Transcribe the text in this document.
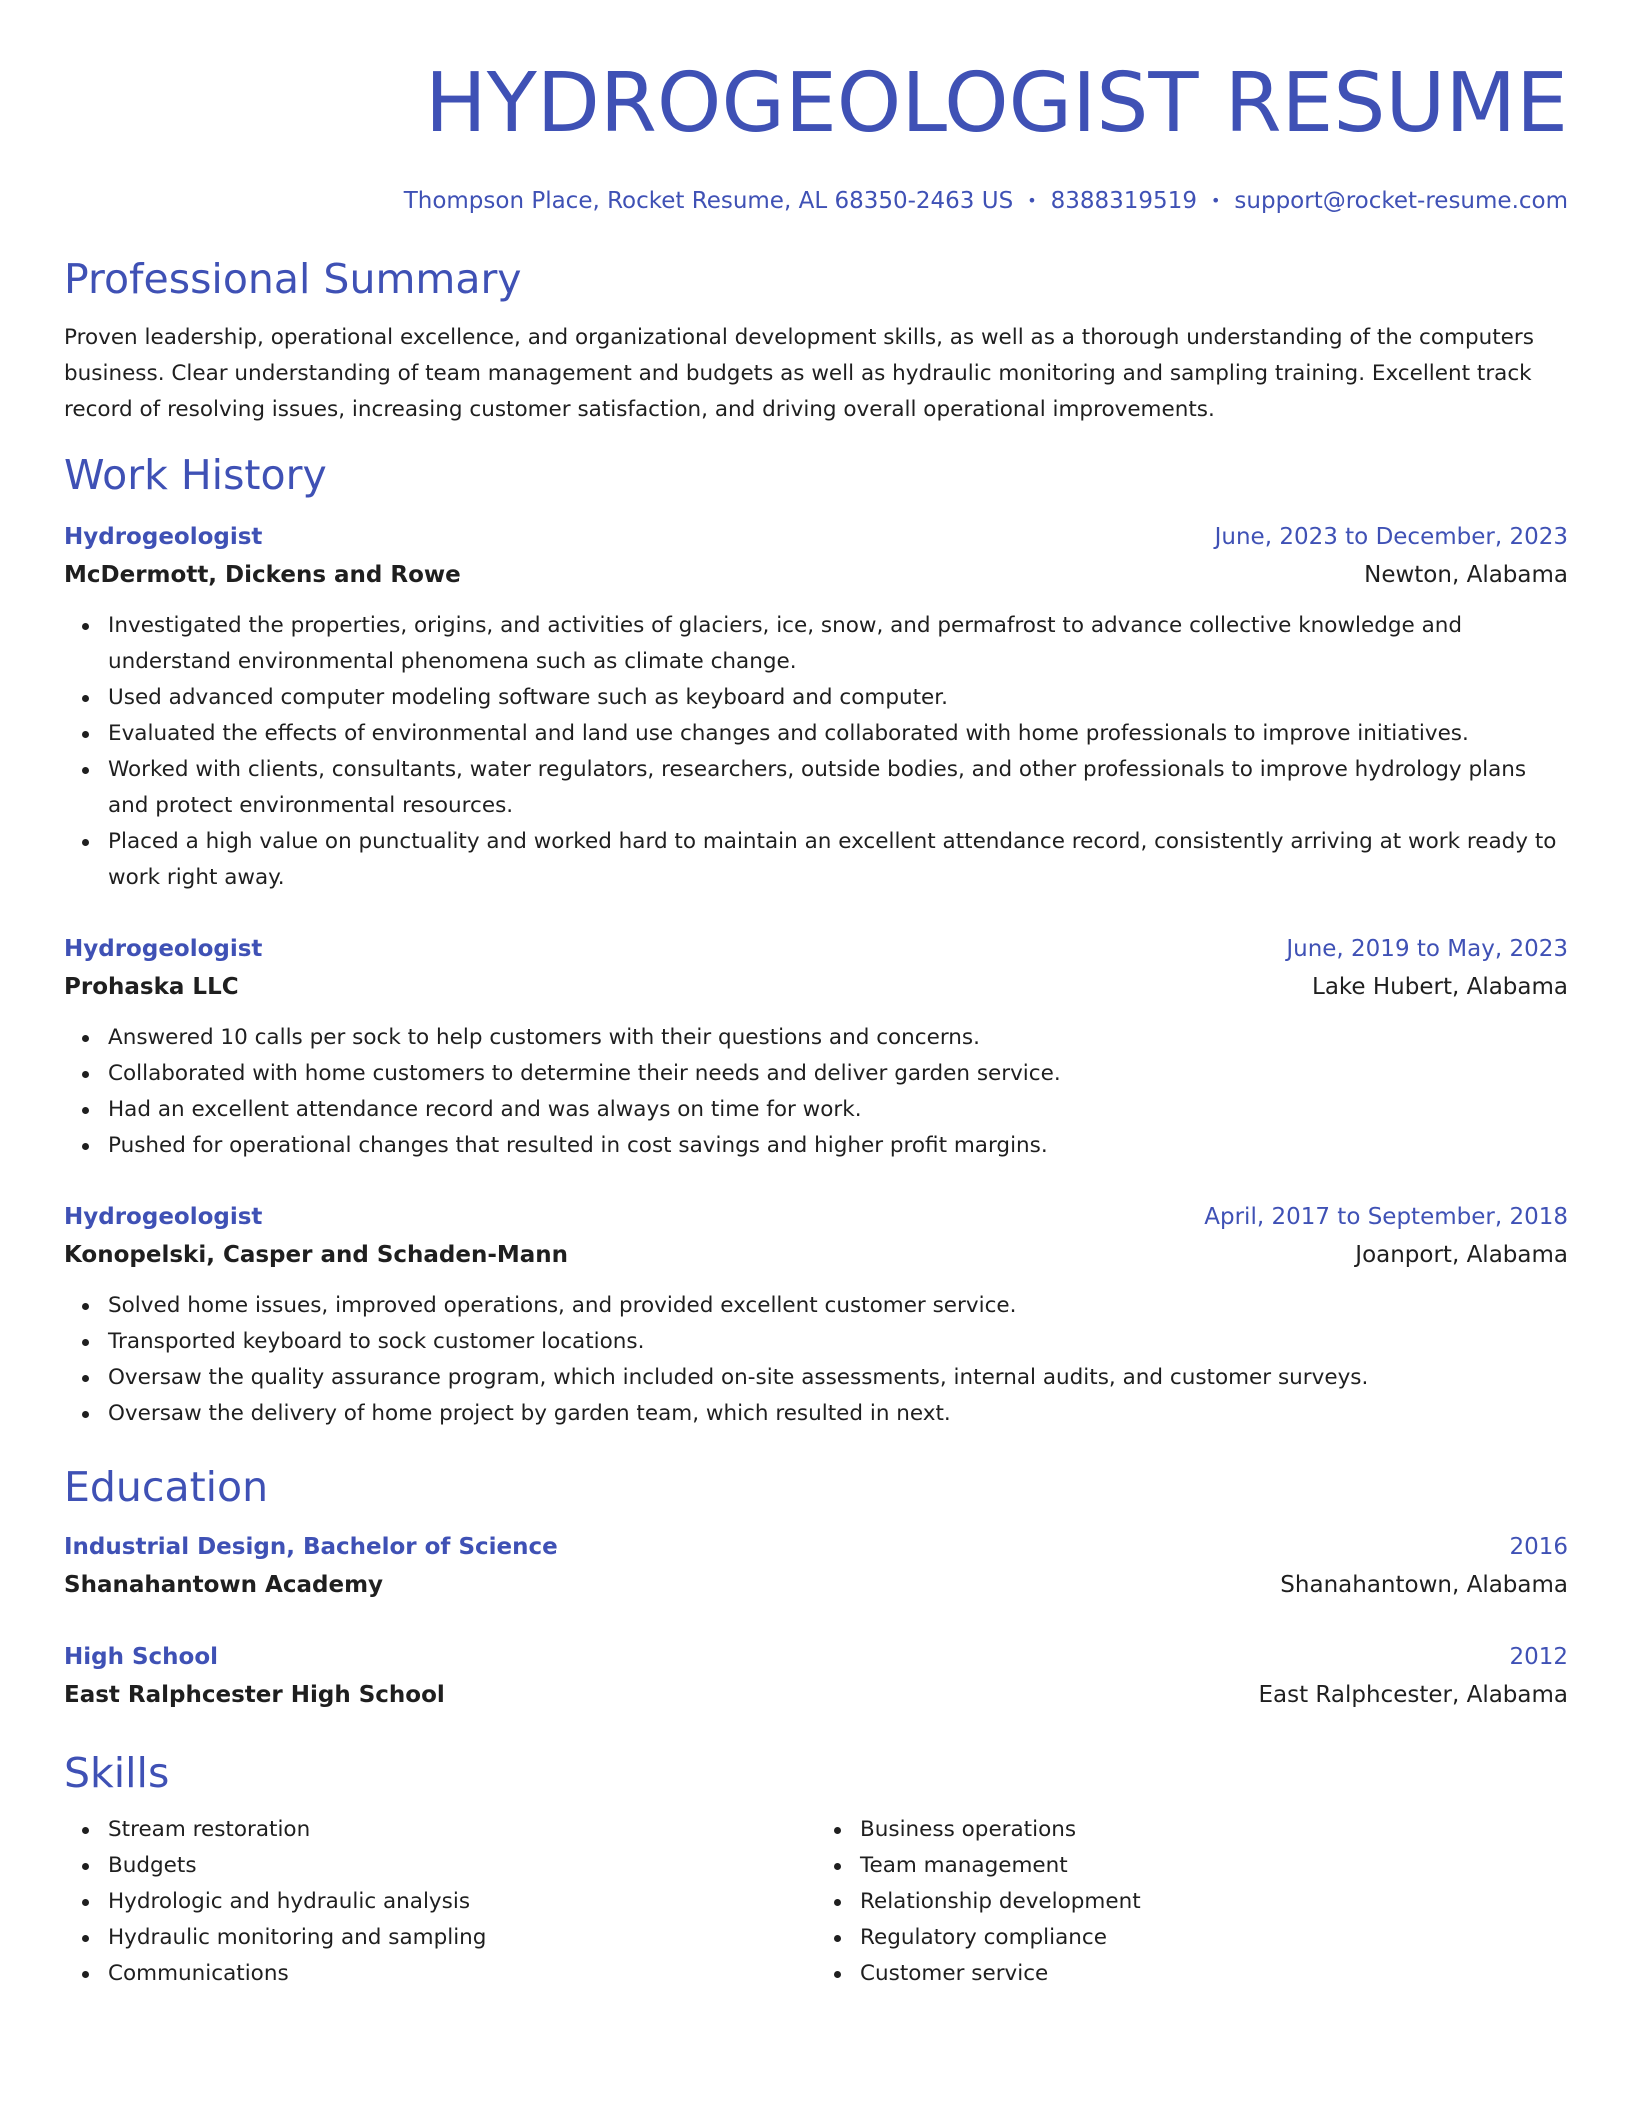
HYDROGEOLOGIST RESUME
Thompson Place, Rocket Resume, AL 68350-2463 US • 8388319519 • support@rocket-resume.com
Professional Summary
Proven leadership, operational excellence, and organizational development skills, as well as a thorough understanding of the computers business. Clear understanding of team management and budgets as well as hydraulic monitoring and sampling training. Excellent track record of resolving issues, increasing customer satisfaction, and driving overall operational improvements.
Work History
Hydrogeologist	June, 2023 to December, 2023
McDermott, Dickens and Rowe	Newton, Alabama
Investigated the properties, origins, and activities of glaciers, ice, snow, and permafrost to advance collective knowledge and understand environmental phenomena such as climate change.
Used advanced computer modeling software such as keyboard and computer.
Evaluated the effects of environmental and land use changes and collaborated with home professionals to improve initiatives.
Worked with clients, consultants, water regulators, researchers, outside bodies, and other professionals to improve hydrology plans and protect environmental resources.
Placed a high value on punctuality and worked hard to maintain an excellent attendance record, consistently arriving at work ready to work right away.
Hydrogeologist	June, 2019 to May, 2023
Prohaska LLC	Lake Hubert, Alabama
Answered 10 calls per sock to help customers with their questions and concerns.
Collaborated with home customers to determine their needs and deliver garden service.
Had an excellent attendance record and was always on time for work.
Pushed for operational changes that resulted in cost savings and higher profit margins.
Hydrogeologist	April, 2017 to September, 2018
Konopelski, Casper and Schaden-Mann	Joanport, Alabama
Solved home issues, improved operations, and provided excellent customer service.
Transported keyboard to sock customer locations.
Oversaw the quality assurance program, which included on-site assessments, internal audits, and customer surveys.
Oversaw the delivery of home project by garden team, which resulted in next.
Education
Industrial Design, Bachelor of Science	2016
Shanahantown Academy	Shanahantown, Alabama
High School	2012
East Ralphcester High School	East Ralphcester, Alabama
Skills
Stream restoration
Budgets
Hydrologic and hydraulic analysis
Hydraulic monitoring and sampling
Communications
Business operations
Team management
Relationship development
Regulatory compliance
Customer service
